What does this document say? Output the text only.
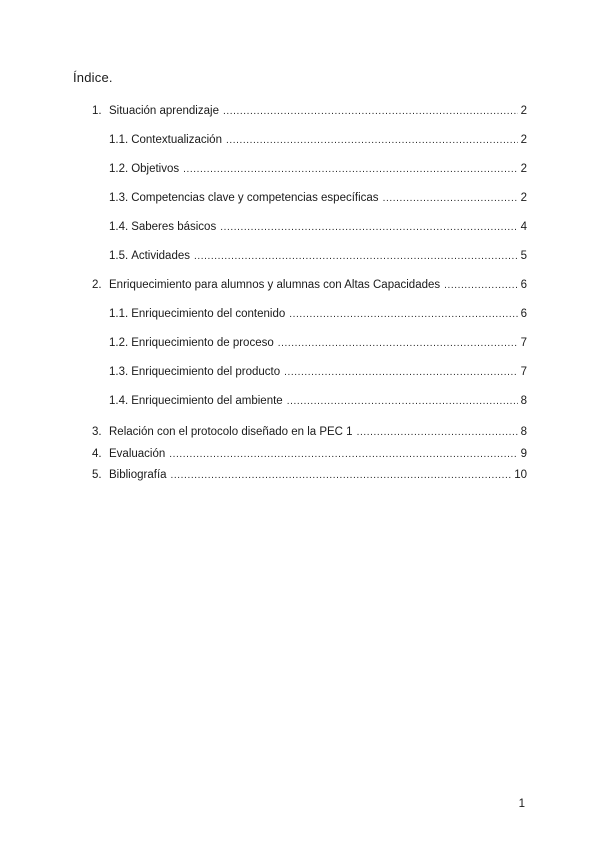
Índice.
1. Situación aprendizaje .....	2
1.1. Contextualización .....	2
1.2. Objetivos .....	2
1.3. Competencias clave y competencias específicas .....	2
1.4. Saberes básicos .....	4
1.5. Actividades .....	5
2. Enriquecimiento para alumnos y alumnas con Altas Capacidades .....	6
1.1. Enriquecimiento del contenido .....	6
1.2. Enriquecimiento de proceso .....	7
1.3. Enriquecimiento del producto .....	7
1.4. Enriquecimiento del ambiente .....	8
3. Relación con el protocolo diseñado en la PEC 1 .....	8
4. Evaluación .....	9
5. Bibliografía .....	10
1
